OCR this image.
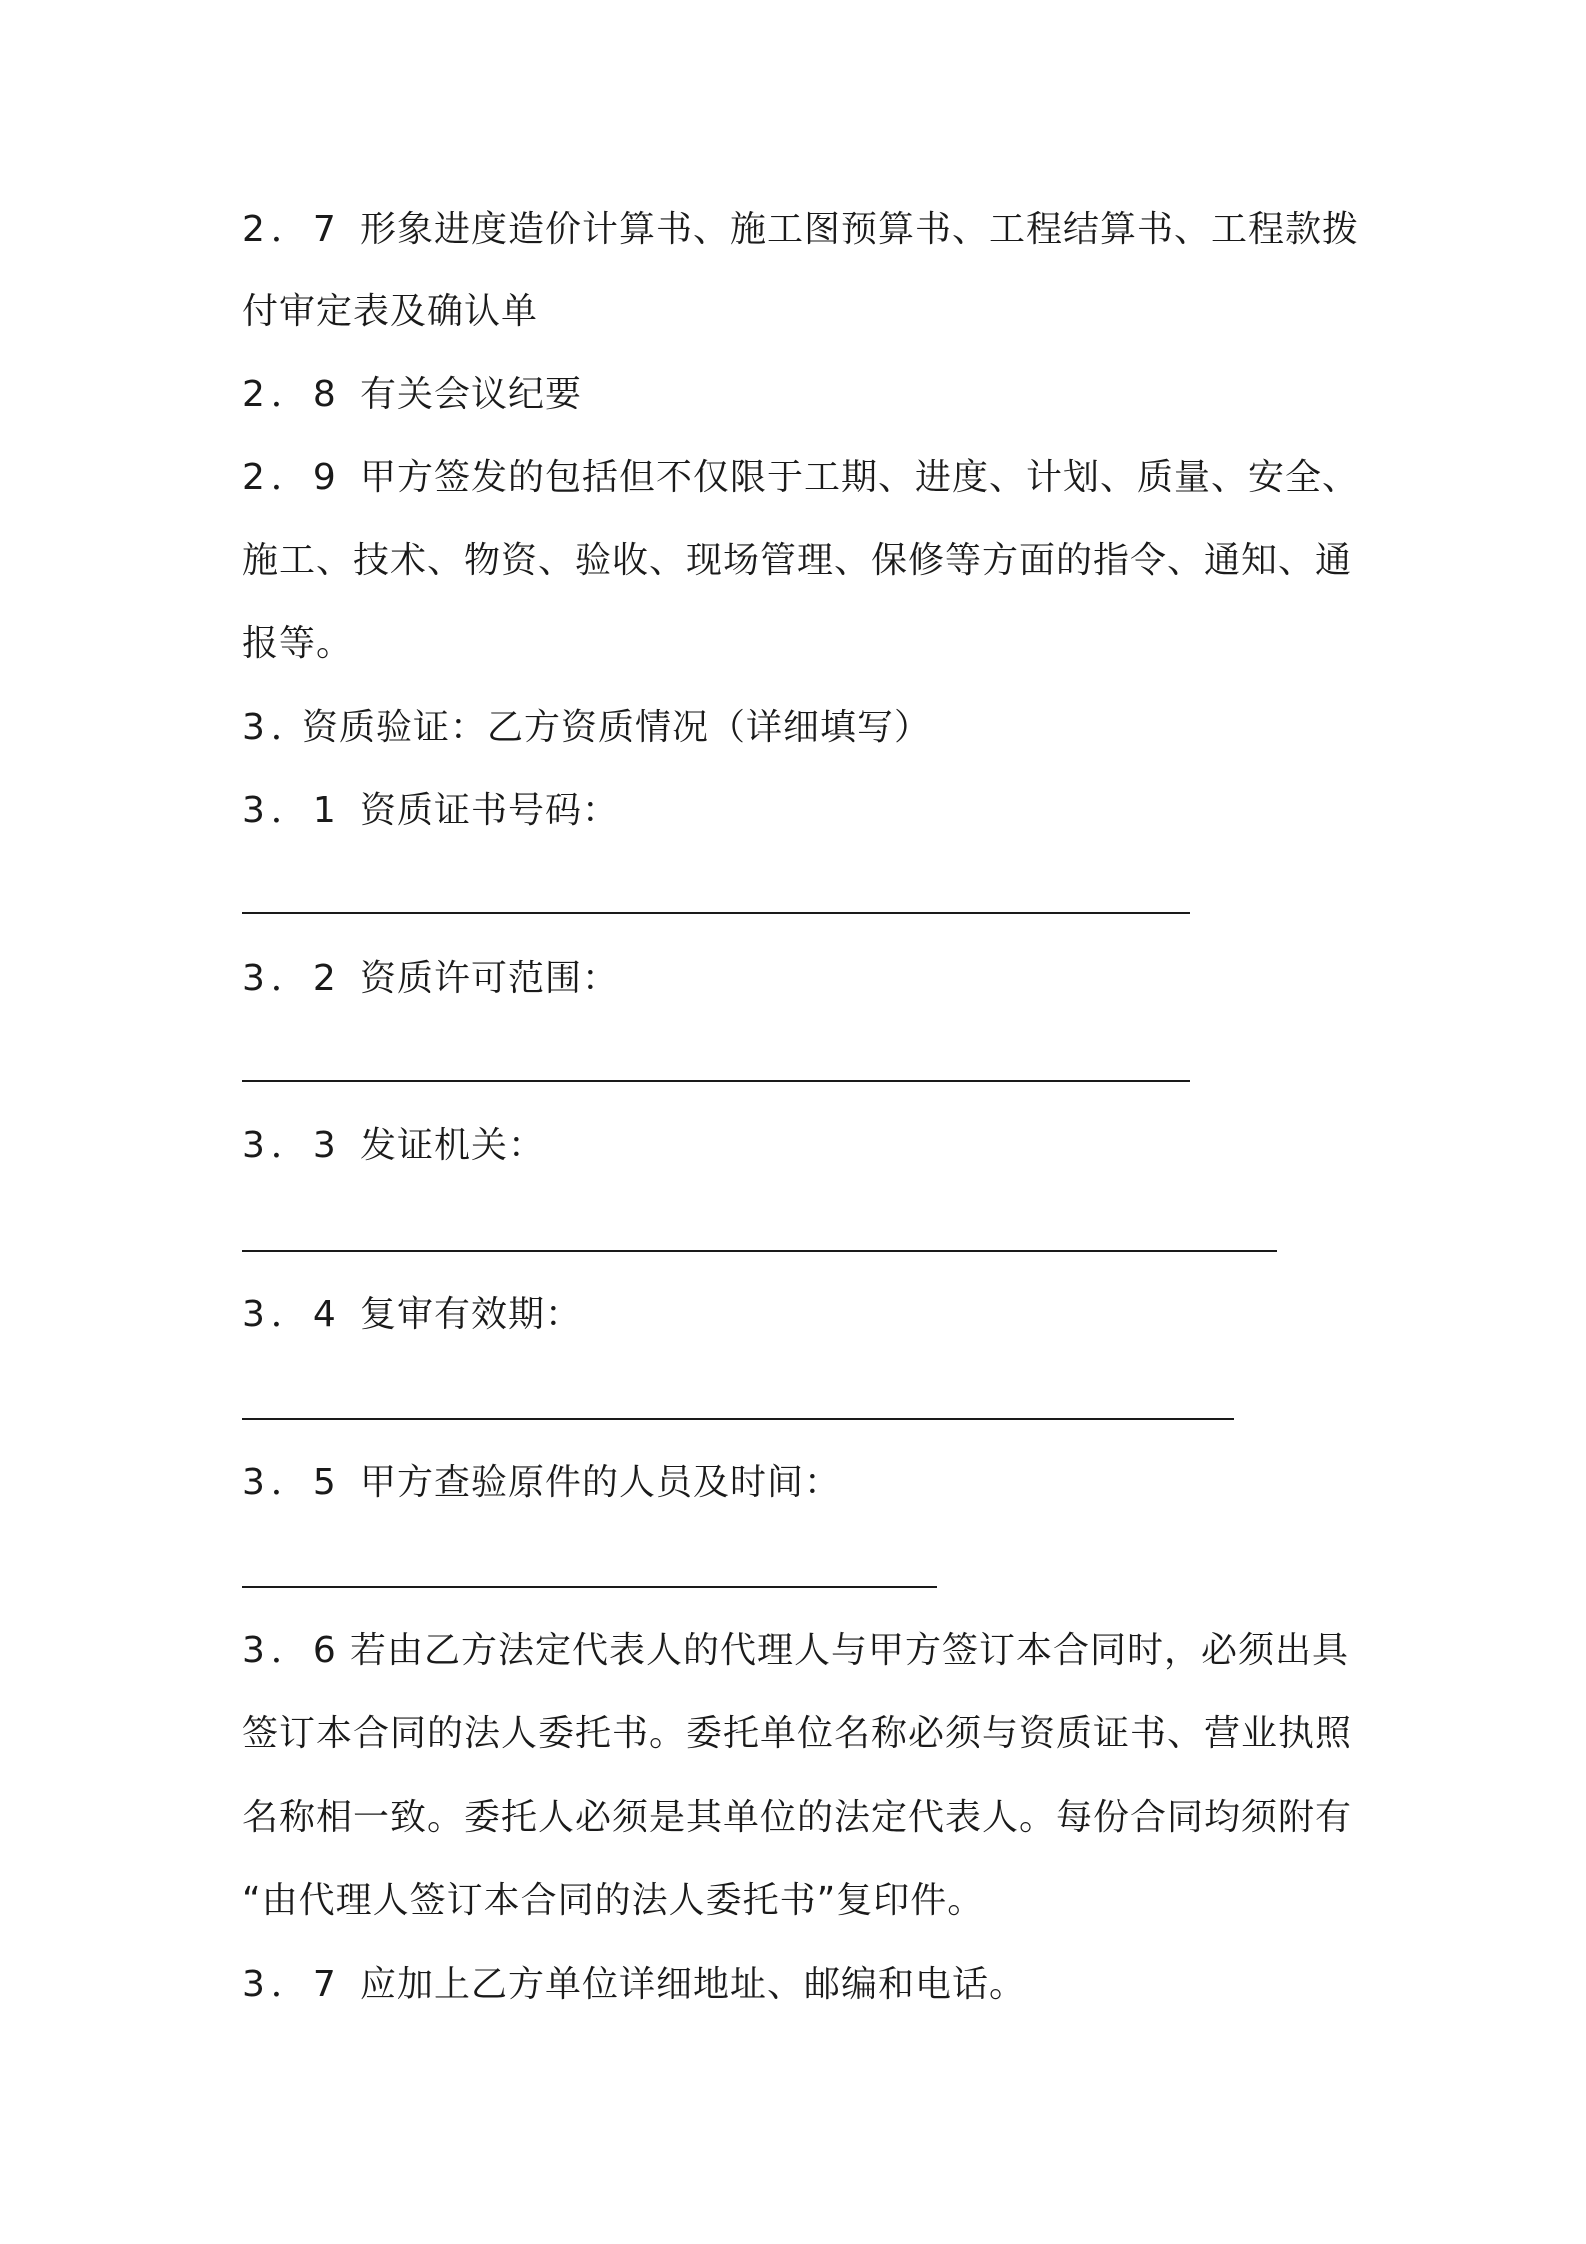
2．7 形象进度造价计算书、施工图预算书、工程结算书、工程款拨
付审定表及确认单
2．8 有关会议纪要
2．9 甲方签发的包括但不仅限于工期、进度、计划、质量、安全、
施工、技术、物资、验收、现场管理、保修等方面的指令、通知、通
报等。
3．资质验证：乙方资质情况（详细填写）
3．1 资质证书号码：
3．2 资质许可范围：
3．3 发证机关：
3．4 复审有效期：
3．5 甲方查验原件的人员及时间：
3．6 若由乙方法定代表人的代理人与甲方签订本合同时，必须出具
签订本合同的法人委托书。委托单位名称必须与资质证书、营业执照
名称相一致。委托人必须是其单位的法定代表人。每份合同均须附有
“由代理人签订本合同的法人委托书”复印件。
3．7 应加上乙方单位详细地址、邮编和电话。
